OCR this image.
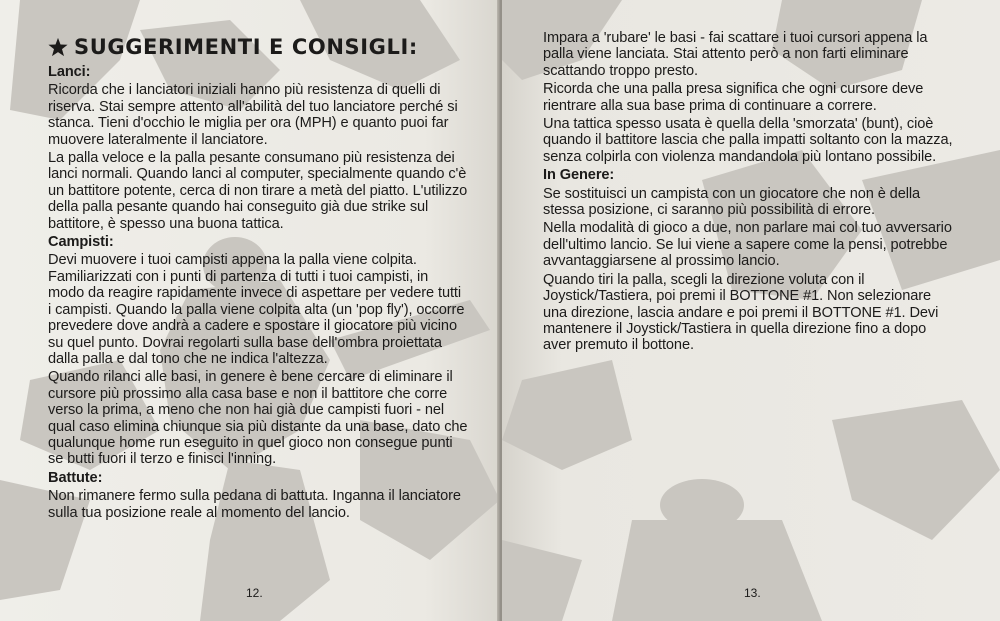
SUGGERIMENTI E CONSIGLI:
Lanci:

Ricorda che i lanciatori iniziali hanno più resistenza di quelli di riserva. Stai sempre attento all'abilità del tuo lanciatore perché si stanca. Tieni d'occhio le miglia per ora (MPH) e quanto puoi far muovere lateralmente il lanciatore.

La palla veloce e la palla pesante consumano più resistenza dei lanci normali. Quando lanci al computer, specialmente quando c'è un battitore potente, cerca di non tirare a metà del piatto. L'utilizzo della palla pesante quando hai conseguito già due strike sul battitore, è spesso una buona tattica.

Campisti:

Devi muovere i tuoi campisti appena la palla viene colpita. Familiarizzati con i punti di partenza di tutti i tuoi campisti, in modo da reagire rapidamente invece di aspettare per vedere tutti i campisti. Quando la palla viene colpita alta (un 'pop fly'), occorre prevedere dove andrà a cadere e spostare il giocatore più vicino su quel punto. Dovrai regolarti sulla base dell'ombra proiettata dalla palla e dal tono che ne indica l'altezza.

Quando rilanci alle basi, in genere è bene cercare di eliminare il cursore più prossimo alla casa base e non il battitore che corre verso la prima, a meno che non hai già due campisti fuori - nel qual caso elimina chiunque sia più distante da una base, dato che qualunque home run eseguito in quel gioco non consegue punti se butti fuori il terzo e finisci l'inning.

Battute:

Non rimanere fermo sulla pedana di battuta. Inganna il lanciatore sulla tua posizione reale al momento del lancio.

12.	13.

Impara a 'rubare' le basi - fai scattare i tuoi cursori appena la palla viene lanciata. Stai attento però a non farti eliminare scattando troppo presto.

Ricorda che una palla presa significa che ogni cursore deve rientrare alla sua base prima di continuare a correre.

Una tattica spesso usata è quella della 'smorzata' (bunt), cioè quando il battitore lascia che palla impatti soltanto con la mazza, senza colpirla con violenza mandandola più lontano possibile.

In Genere:

Se sostituisci un campista con un giocatore che non è della stessa posizione, ci saranno più possibilità di errore.

Nella modalità di gioco a due, non parlare mai col tuo avversario dell'ultimo lancio. Se lui viene a sapere come la pensi, potrebbe avvantaggiarsene al prossimo lancio.

Quando tiri la palla, scegli la direzione voluta con il Joystick/Tastiera, poi premi il BOTTONE #1. Non selezionare una direzione, lascia andare e poi premi il BOTTONE #1. Devi mantenere il Joystick/Tastiera in quella direzione fino a dopo aver premuto il bottone.
